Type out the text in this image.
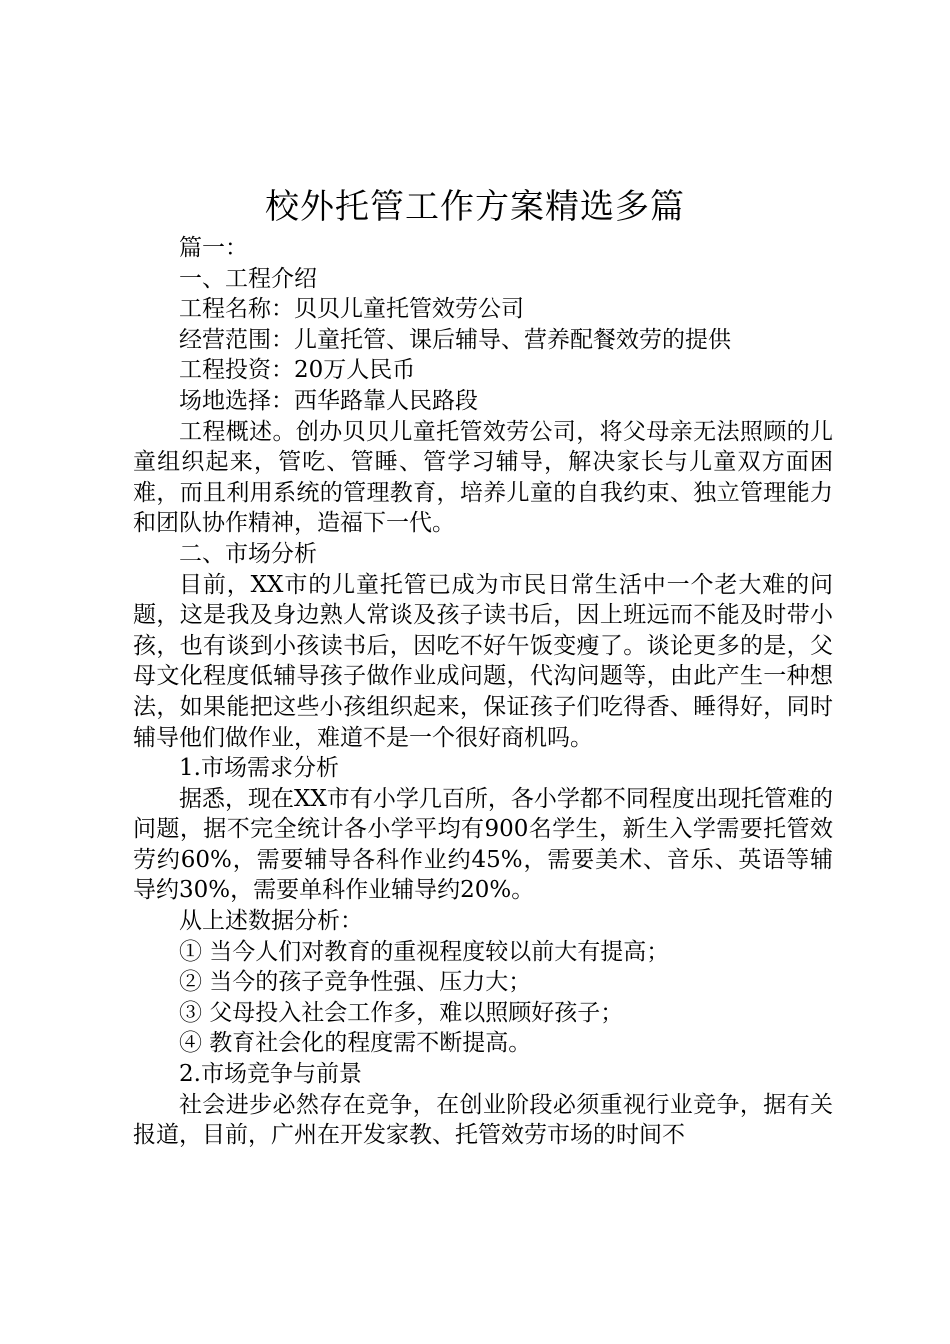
校外托管工作方案精选多篇

篇一：

一、工程介绍

工程名称：贝贝儿童托管效劳公司

经营范围：儿童托管、课后辅导、营养配餐效劳的提供

工程投资：20万人民币

场地选择：西华路靠人民路段

工程概述。创办贝贝儿童托管效劳公司，将父母亲无法照顾的儿童组织起来，管吃、管睡、管学习辅导，解决家长与儿童双方面困难，而且利用系统的管理教育，培养儿童的自我约束、独立管理能力和团队协作精神，造福下一代。

二、市场分析

目前，XX市的儿童托管已成为市民日常生活中一个老大难的问题，这是我及身边熟人常谈及孩子读书后，因上班远而不能及时带小孩，也有谈到小孩读书后，因吃不好午饭变瘦了。谈论更多的是，父母文化程度低辅导孩子做作业成问题，代沟问题等，由此产生一种想法，如果能把这些小孩组织起来，保证孩子们吃得香、睡得好，同时辅导他们做作业，难道不是一个很好商机吗。

1.市场需求分析

据悉，现在XX市有小学几百所，各小学都不同程度出现托管难的问题，据不完全统计各小学平均有900名学生，新生入学需要托管效劳约60%，需要辅导各科作业约45%，需要美术、音乐、英语等辅导约30%，需要单科作业辅导约20%。

从上述数据分析：

① 当今人们对教育的重视程度较以前大有提高；

② 当今的孩子竞争性强、压力大；

③ 父母投入社会工作多，难以照顾好孩子；

④ 教育社会化的程度需不断提高。

2.市场竞争与前景

社会进步必然存在竞争，在创业阶段必须重视行业竞争，据有关报道，目前，广州在开发家教、托管效劳市场的时间不
